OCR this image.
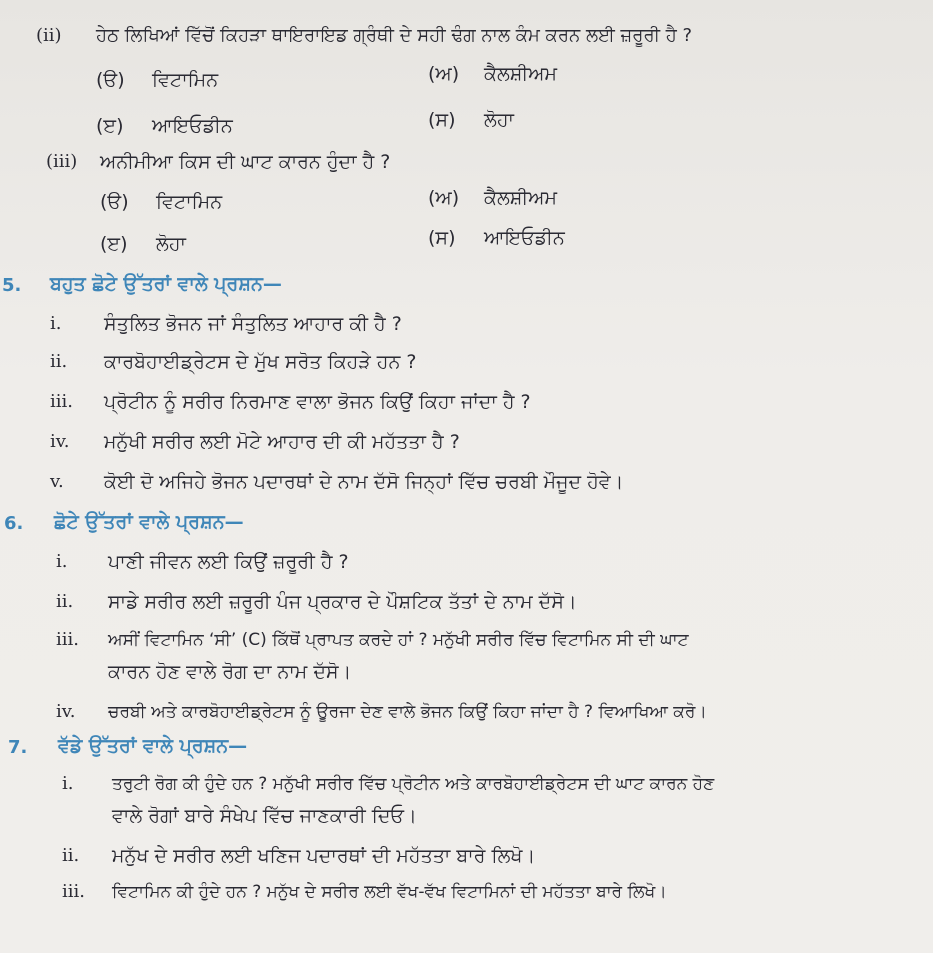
(ii) ਹੇਠ ਲਿਖਿਆਂ ਵਿੱਚੋਂ ਕਿਹੜਾ ਥਾਇਰਾਇਡ ਗ੍ਰੰਥੀ ਦੇ ਸਹੀ ਢੰਗ ਨਾਲ ਕੰਮ ਕਰਨ ਲਈ ਜ਼ਰੂਰੀ ਹੈ ?
(ੳ) ਵਿਟਾਮਿਨ	(ਅ) ਕੈਲਸ਼ੀਅਮ
(ੲ) ਆਇਓਡੀਨ	(ਸ) ਲੋਹਾ
(iii) ਅਨੀਮੀਆ ਕਿਸ ਦੀ ਘਾਟ ਕਾਰਨ ਹੁੰਦਾ ਹੈ ?
(ੳ) ਵਿਟਾਮਿਨ	(ਅ) ਕੈਲਸ਼ੀਅਮ
(ੲ) ਲੋਹਾ	(ਸ) ਆਇਓਡੀਨ
5. ਬਹੁਤ ਛੋਟੇ ਉੱਤਰਾਂ ਵਾਲੇ ਪ੍ਰਸ਼ਨ—
i. ਸੰਤੁਲਿਤ ਭੋਜਨ ਜਾਂ ਸੰਤੁਲਿਤ ਆਹਾਰ ਕੀ ਹੈ ?
ii. ਕਾਰਬੋਹਾਈਡ੍ਰੇਟਸ ਦੇ ਮੁੱਖ ਸਰੋਤ ਕਿਹੜੇ ਹਨ ?
iii. ਪ੍ਰੋਟੀਨ ਨੂੰ ਸਰੀਰ ਨਿਰਮਾਣ ਵਾਲਾ ਭੋਜਨ ਕਿਉਂ ਕਿਹਾ ਜਾਂਦਾ ਹੈ ?
iv. ਮਨੁੱਖੀ ਸਰੀਰ ਲਈ ਮੋਟੇ ਆਹਾਰ ਦੀ ਕੀ ਮਹੱਤਤਾ ਹੈ ?
v. ਕੋਈ ਦੋ ਅਜਿਹੇ ਭੋਜਨ ਪਦਾਰਥਾਂ ਦੇ ਨਾਮ ਦੱਸੋ ਜਿਨ੍ਹਾਂ ਵਿੱਚ ਚਰਬੀ ਮੌਜੂਦ ਹੋਵੇ।
6. ਛੋਟੇ ਉੱਤਰਾਂ ਵਾਲੇ ਪ੍ਰਸ਼ਨ—
i. ਪਾਣੀ ਜੀਵਨ ਲਈ ਕਿਉਂ ਜ਼ਰੂਰੀ ਹੈ ?
ii. ਸਾਡੇ ਸਰੀਰ ਲਈ ਜ਼ਰੂਰੀ ਪੰਜ ਪ੍ਰਕਾਰ ਦੇ ਪੌਸ਼ਟਿਕ ਤੱਤਾਂ ਦੇ ਨਾਮ ਦੱਸੋ।
iii. ਅਸੀਂ ਵਿਟਾਮਿਨ ‘ਸੀ’ (C) ਕਿੱਥੋਂ ਪ੍ਰਾਪਤ ਕਰਦੇ ਹਾਂ ? ਮਨੁੱਖੀ ਸਰੀਰ ਵਿੱਚ ਵਿਟਾਮਿਨ ਸੀ ਦੀ ਘਾਟ
ਕਾਰਨ ਹੋਣ ਵਾਲੇ ਰੋਗ ਦਾ ਨਾਮ ਦੱਸੋ।
iv. ਚਰਬੀ ਅਤੇ ਕਾਰਬੋਹਾਈਡ੍ਰੇਟਸ ਨੂੰ ਊਰਜਾ ਦੇਣ ਵਾਲੇ ਭੋਜਨ ਕਿਉਂ ਕਿਹਾ ਜਾਂਦਾ ਹੈ ? ਵਿਆਖਿਆ ਕਰੋ।
7. ਵੱਡੇ ਉੱਤਰਾਂ ਵਾਲੇ ਪ੍ਰਸ਼ਨ—
i. ਤਰੁਟੀ ਰੋਗ ਕੀ ਹੁੰਦੇ ਹਨ ? ਮਨੁੱਖੀ ਸਰੀਰ ਵਿੱਚ ਪ੍ਰੋਟੀਨ ਅਤੇ ਕਾਰਬੋਹਾਈਡ੍ਰੇਟਸ ਦੀ ਘਾਟ ਕਾਰਨ ਹੋਣ
ਵਾਲੇ ਰੋਗਾਂ ਬਾਰੇ ਸੰਖੇਪ ਵਿੱਚ ਜਾਣਕਾਰੀ ਦਿਓ।
ii. ਮਨੁੱਖ ਦੇ ਸਰੀਰ ਲਈ ਖਣਿਜ ਪਦਾਰਥਾਂ ਦੀ ਮਹੱਤਤਾ ਬਾਰੇ ਲਿਖੋ।
iii. ਵਿਟਾਮਿਨ ਕੀ ਹੁੰਦੇ ਹਨ ? ਮਨੁੱਖ ਦੇ ਸਰੀਰ ਲਈ ਵੱਖ-ਵੱਖ ਵਿਟਾਮਿਨਾਂ ਦੀ ਮਹੱਤਤਾ ਬਾਰੇ ਲਿਖੋ।
